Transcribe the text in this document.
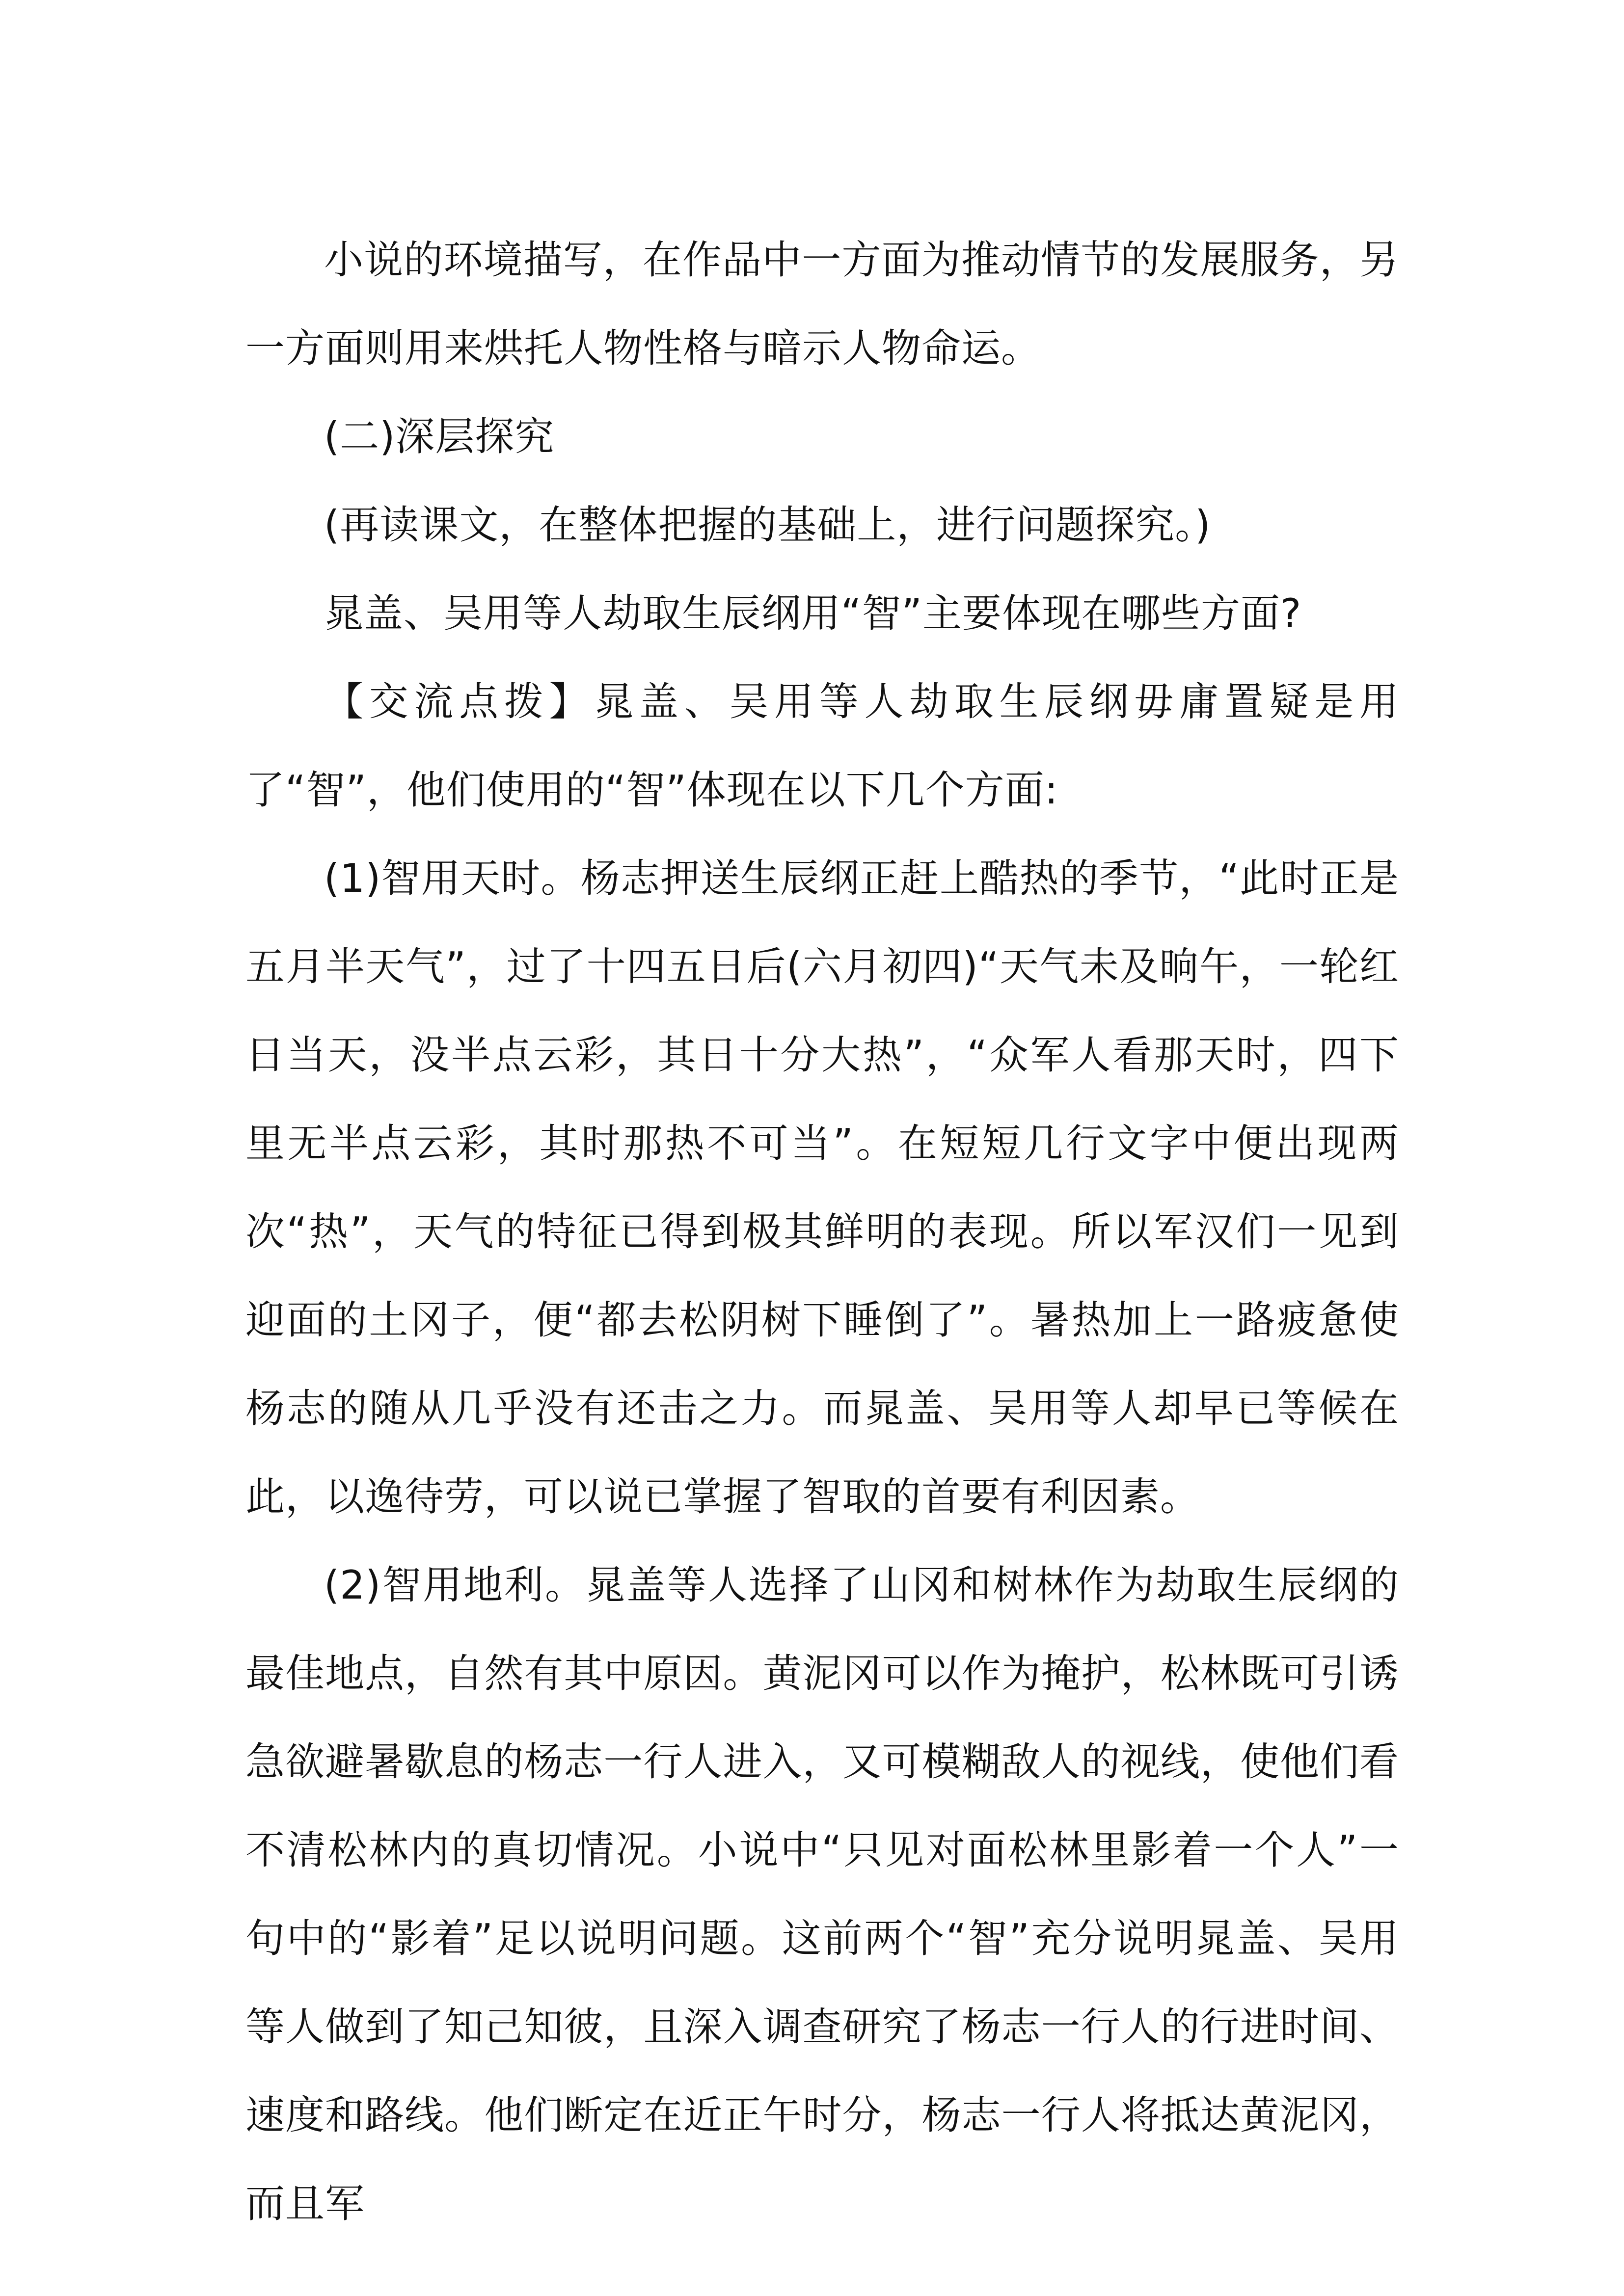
小说的环境描写，在作品中一方面为推动情节的发展服务，另一方面则用来烘托人物性格与暗示人物命运。

(二)深层探究

(再读课文，在整体把握的基础上，进行问题探究。)

晁盖、吴用等人劫取生辰纲用“智”主要体现在哪些方面?

【交流点拨】晁盖、吴用等人劫取生辰纲毋庸置疑是用了“智”，他们使用的“智”体现在以下几个方面:

(1)智用天时。杨志押送生辰纲正赶上酷热的季节，“此时正是五月半天气”，过了十四五日后(六月初四)“天气未及晌午，一轮红日当天，没半点云彩，其日十分大热”，“众军人看那天时，四下里无半点云彩，其时那热不可当”。在短短几行文字中便出现两次“热”，天气的特征已得到极其鲜明的表现。所以军汉们一见到迎面的土冈子，便“都去松阴树下睡倒了”。暑热加上一路疲惫使杨志的随从几乎没有还击之力。而晁盖、吴用等人却早已等候在此，以逸待劳，可以说已掌握了智取的首要有利因素。

(2)智用地利。晁盖等人选择了山冈和树林作为劫取生辰纲的最佳地点，自然有其中原因。黄泥冈可以作为掩护，松林既可引诱急欲避暑歇息的杨志一行人进入，又可模糊敌人的视线，使他们看不清松林内的真切情况。小说中“只见对面松林里影着一个人”一句中的“影着”足以说明问题。这前两个“智”充分说明晁盖、吴用等人做到了知己知彼，且深入调查研究了杨志一行人的行进时间、速度和路线。他们断定在近正午时分，杨志一行人将抵达黄泥冈，而且军
